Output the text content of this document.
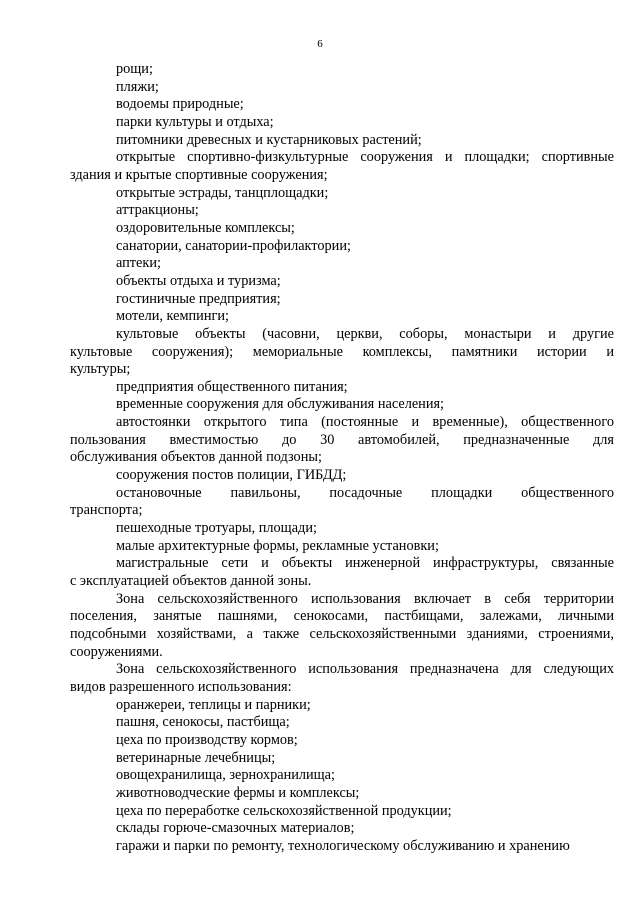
6
рощи;
пляжи;
водоемы природные;
парки культуры и отдыха;
питомники древесных и кустарниковых растений;
открытые спортивно-физкультурные сооружения и площадки; спортивные
здания и крытые спортивные сооружения;
открытые эстрады, танцплощадки;
аттракционы;
оздоровительные комплексы;
санатории, санатории-профилактории;
аптеки;
объекты отдыха и туризма;
гостиничные предприятия;
мотели, кемпинги;
культовые объекты (часовни, церкви, соборы, монастыри и другие
культовые сооружения); мемориальные комплексы, памятники истории и
культуры;
предприятия общественного питания;
временные сооружения для обслуживания населения;
автостоянки открытого типа (постоянные и временные), общественного
пользования вместимостью до 30 автомобилей, предназначенные для
обслуживания объектов данной подзоны;
сооружения постов полиции, ГИБДД;
остановочные павильоны, посадочные площадки общественного
транспорта;
пешеходные тротуары, площади;
малые архитектурные формы, рекламные установки;
магистральные сети и объекты инженерной инфраструктуры, связанные
с эксплуатацией объектов данной зоны.
Зона сельскохозяйственного использования включает в себя территории
поселения, занятые пашнями, сенокосами, пастбищами, залежами, личными
подсобными хозяйствами, а также сельскохозяйственными зданиями, строениями,
сооружениями.
Зона сельскохозяйственного использования предназначена для следующих
видов разрешенного использования:
оранжереи, теплицы и парники;
пашня, сенокосы, пастбища;
цеха по производству кормов;
ветеринарные лечебницы;
овощехранилища, зернохранилища;
животноводческие фермы и комплексы;
цеха по переработке сельскохозяйственной продукции;
склады горюче-смазочных материалов;
гаражи и парки по ремонту, технологическому обслуживанию и хранению
